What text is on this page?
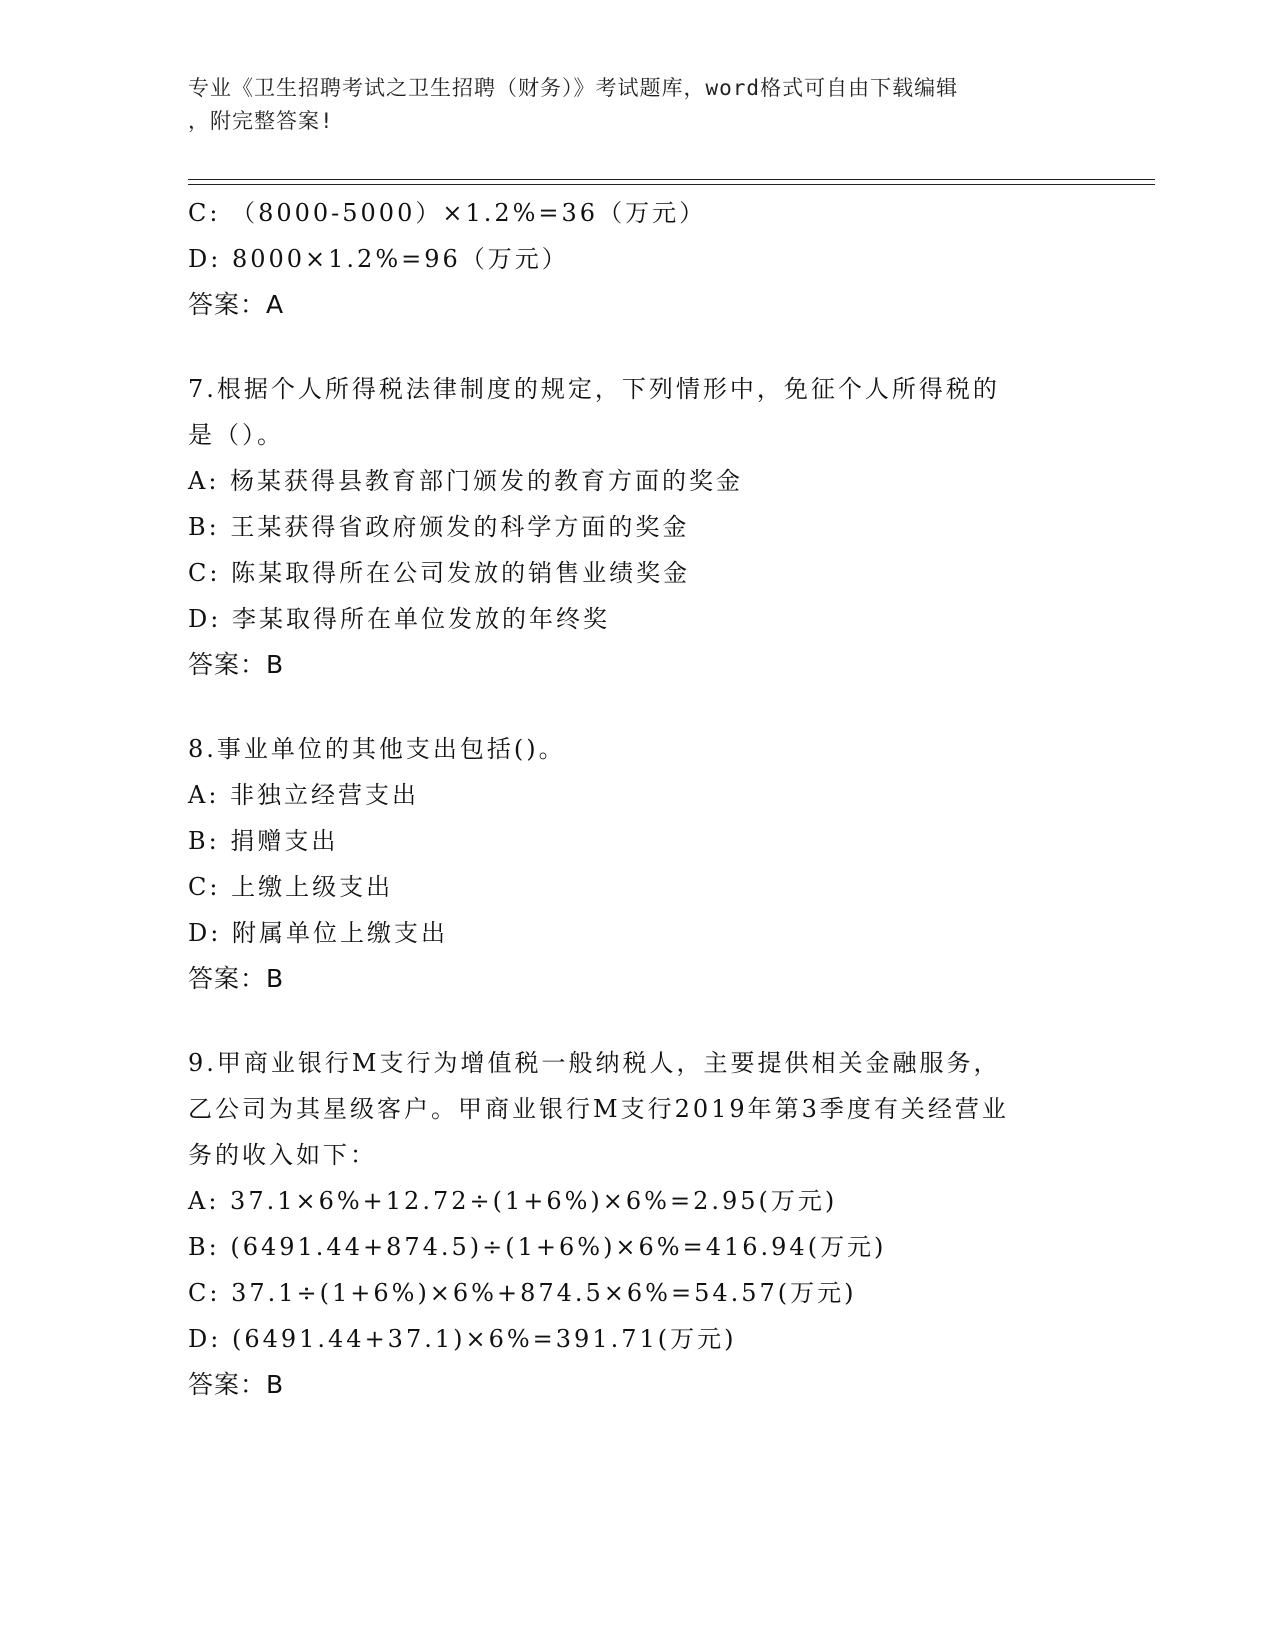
专业《卫生招聘考试之卫生招聘（财务）》考试题库，word格式可自由下载编辑
，附完整答案!
C: （8000-5000）×1.2%=36（万元）
D: 8000×1.2%=96（万元）
答案：A
7.根据个人所得税法律制度的规定，下列情形中，免征个人所得税的
是（）。
A: 杨某获得县教育部门颁发的教育方面的奖金
B: 王某获得省政府颁发的科学方面的奖金
C: 陈某取得所在公司发放的销售业绩奖金
D: 李某取得所在单位发放的年终奖
答案：B
8.事业单位的其他支出包括()。
A: 非独立经营支出
B: 捐赠支出
C: 上缴上级支出
D: 附属单位上缴支出
答案：B
9.甲商业银行M支行为增值税一般纳税人，主要提供相关金融服务，
乙公司为其星级客户。甲商业银行M支行2019年第3季度有关经营业
务的收入如下：
A: 37.1×6%+12.72÷(1+6%)×6%=2.95(万元)
B: (6491.44+874.5)÷(1+6%)×6%=416.94(万元)
C: 37.1÷(1+6%)×6%+874.5×6%=54.57(万元)
D: (6491.44+37.1)×6%=391.71(万元)
答案：B
